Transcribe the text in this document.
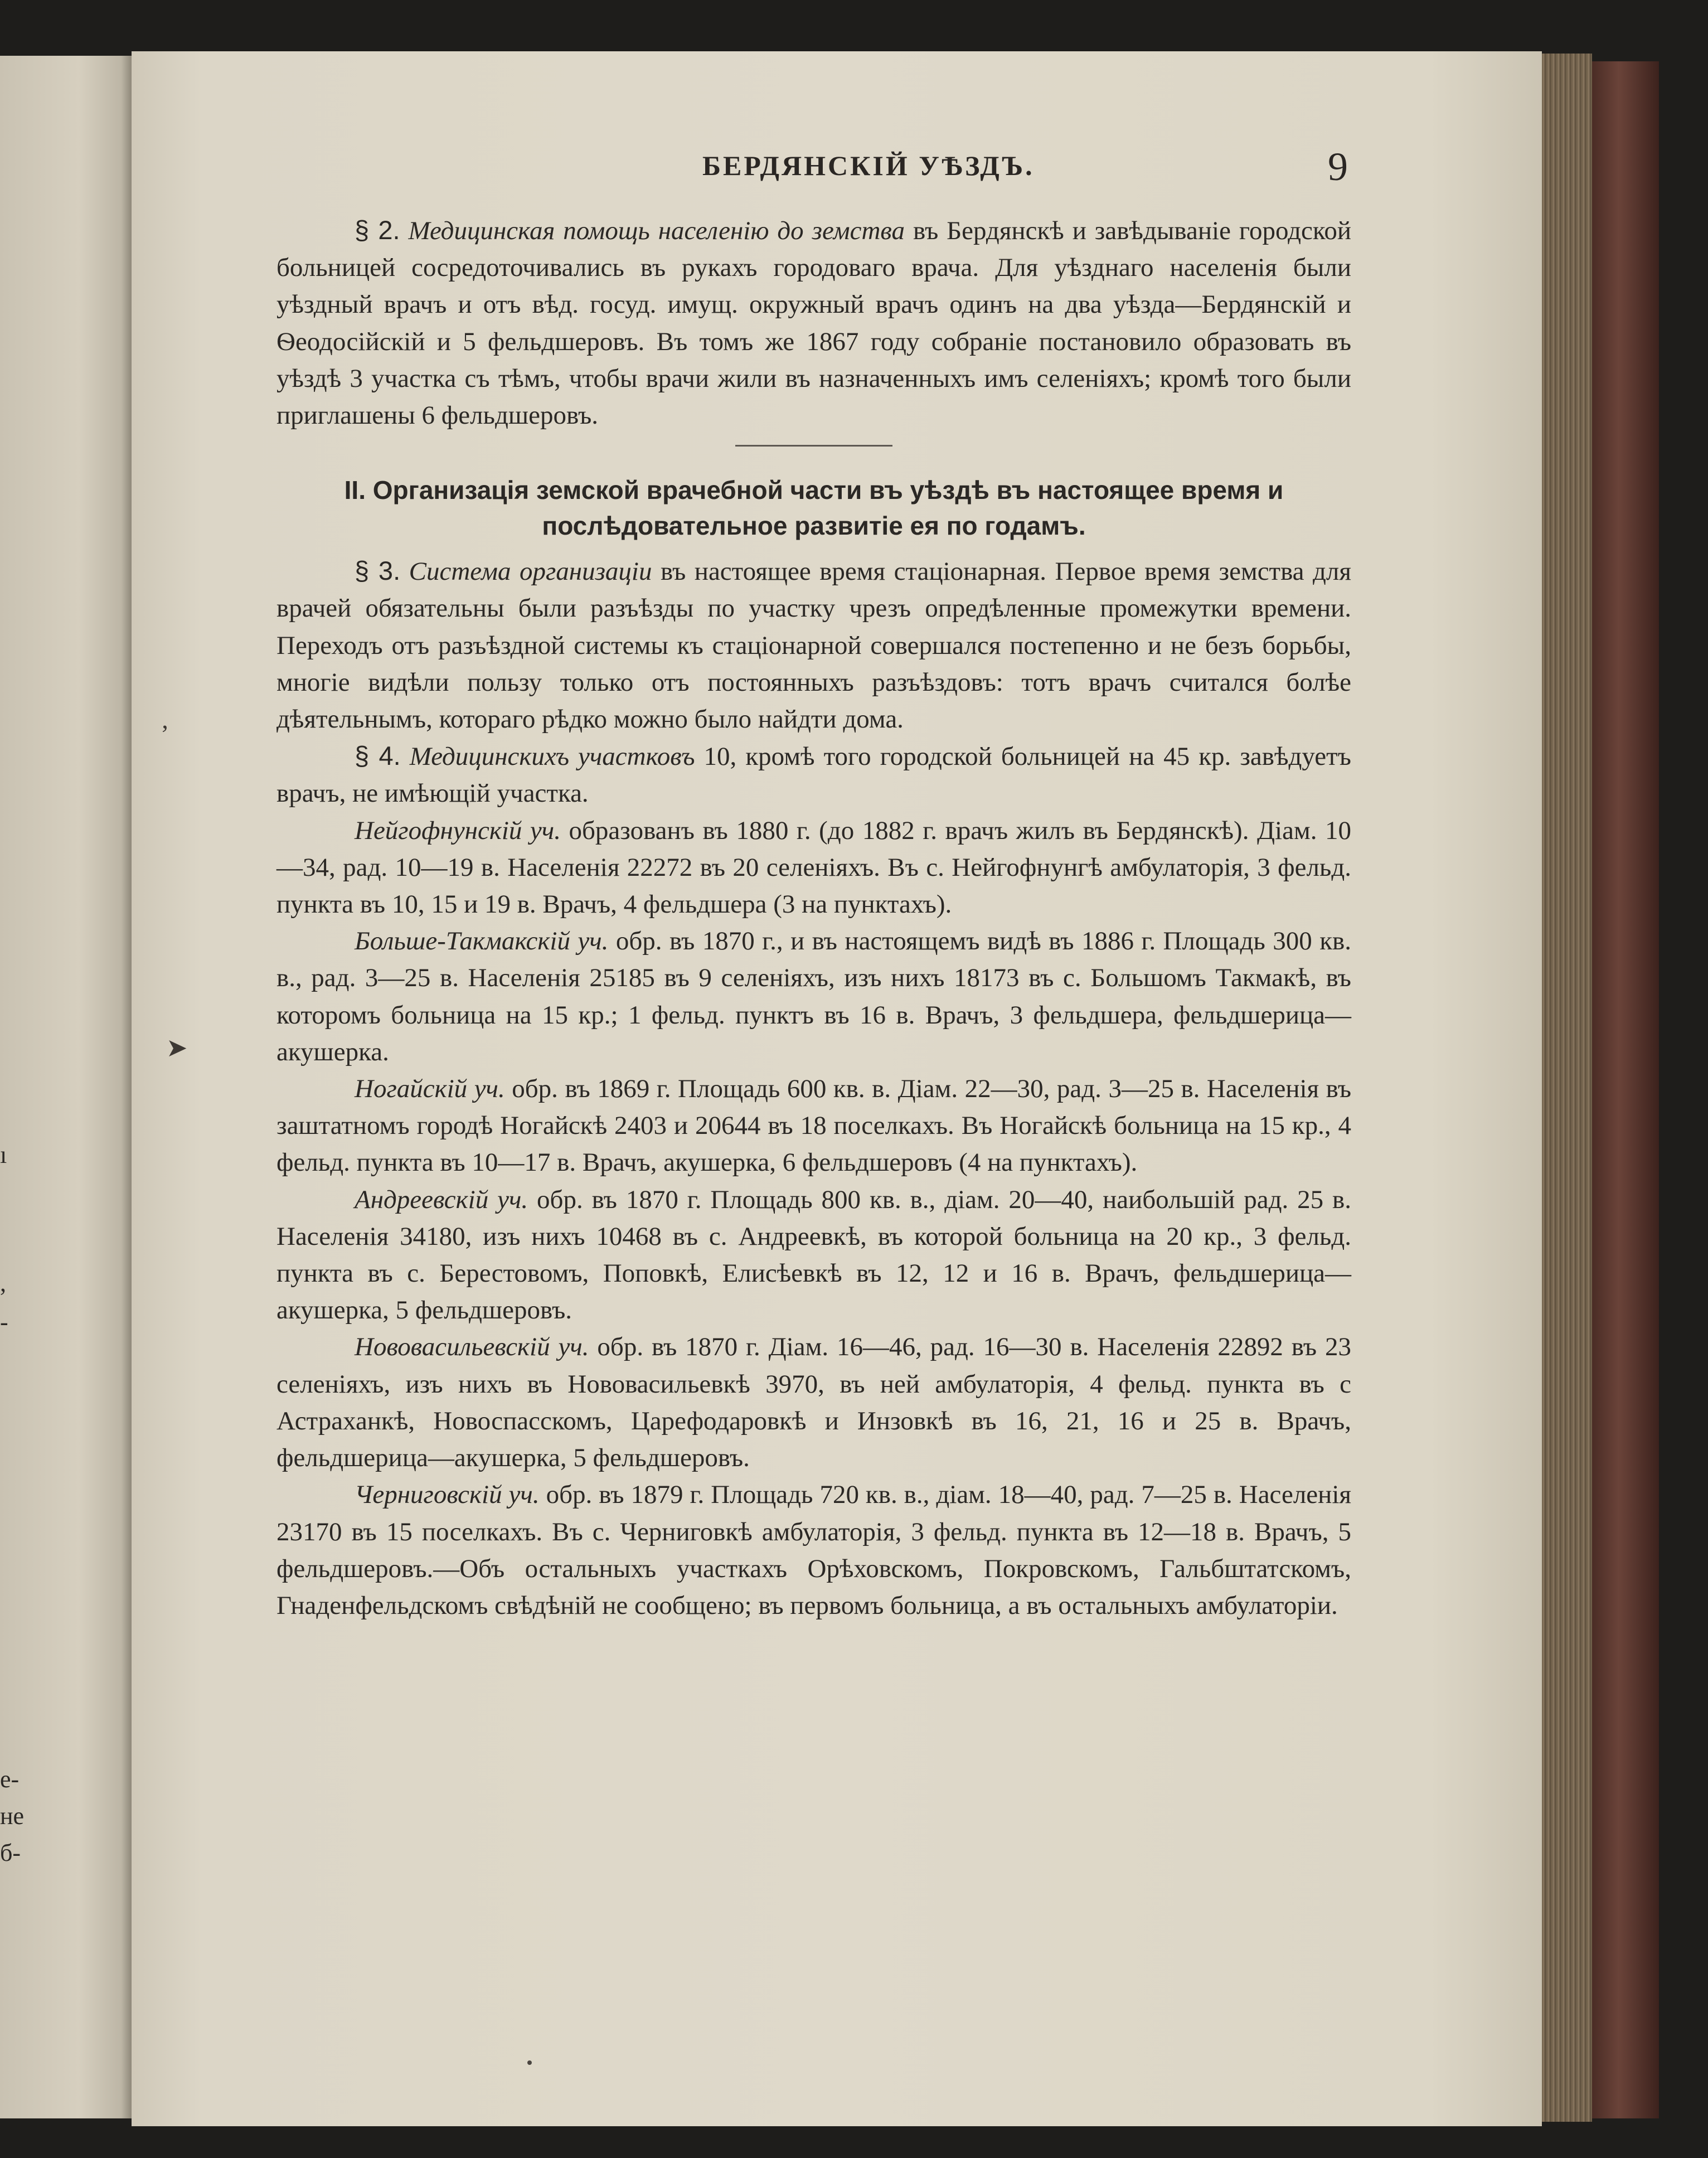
ı
,
-
е-
не
б-
БЕРДЯНСКІЙ УѢЗДЪ.	9
ʼ
➤

§ 2. Медицинская помощь населенію до земства въ Бердянскѣ и завѣдываніе городской больницей сосредоточивались въ рукахъ городоваго врача. Для уѣзднаго населенія были уѣздный врачъ и отъ вѣд. госуд. имущ. окружный врачъ одинъ на два уѣзда—Бердянскій и Ѳеодосійскій и 5 фельдшеровъ. Въ томъ же 1867 году собраніе постановило образовать въ уѣздѣ 3 участка съ тѣмъ, чтобы врачи жили въ назначенныхъ имъ селеніяхъ; кромѣ того были приглашены 6 фельдшеровъ.

II. Организація земской врачебной части въ уѣздѣ въ настоящее время и
послѣдовательное развитіе ея по годамъ.

§ 3. Система организаціи въ настоящее время стаціонарная. Первое время земства для врачей обязательны были разъѣзды по участку чрезъ опредѣленные промежутки времени. Переходъ отъ разъѣздной системы къ стаціонарной совершался постепенно и не безъ борьбы, многіе видѣли пользу только отъ постоянныхъ разъѣздовъ: тотъ врачъ считался болѣе дѣятельнымъ, котораго рѣдко можно было найдти дома.

§ 4. Медицинскихъ участковъ 10, кромѣ того городской больницей на 45 кр. завѣдуетъ врачъ, не имѣющій участка.

Нейгофнунскій уч. образованъ въ 1880 г. (до 1882 г. врачъ жилъ въ Бердянскѣ). Діам. 10—34, рад. 10—19 в. Населенія 22272 въ 20 селеніяхъ. Въ с. Нейгофнунгѣ амбулаторія, 3 фельд. пункта въ 10, 15 и 19 в. Врачъ, 4 фельдшера (3 на пунктахъ).

Больше-Такмакскій уч. обр. въ 1870 г., и въ настоящемъ видѣ въ 1886 г. Площадь 300 кв. в., рад. 3—25 в. Населенія 25185 въ 9 селеніяхъ, изъ нихъ 18173 въ с. Большомъ Такмакѣ, въ которомъ больница на 15 кр.; 1 фельд. пунктъ въ 16 в. Врачъ, 3 фельдшера, фельдшерица—акушерка.

Ногайскій уч. обр. въ 1869 г. Площадь 600 кв. в. Діам. 22—30, рад. 3—25 в. Населенія въ заштатномъ городѣ Ногайскѣ 2403 и 20644 въ 18 поселкахъ. Въ Ногайскѣ больница на 15 кр., 4 фельд. пункта въ 10—17 в. Врачъ, акушерка, 6 фельдшеровъ (4 на пунктахъ).

Андреевскій уч. обр. въ 1870 г. Площадь 800 кв. в., діам. 20—40, наибольшій рад. 25 в. Населенія 34180, изъ нихъ 10468 въ с. Андреевкѣ, въ которой больница на 20 кр., 3 фельд. пункта въ с. Берестовомъ, Поповкѣ, Елисѣевкѣ въ 12, 12 и 16 в. Врачъ, фельдшерица—акушерка, 5 фельдшеровъ.

Нововасильевскій уч. обр. въ 1870 г. Діам. 16—46, рад. 16—30 в. Населенія 22892 въ 23 селеніяхъ, изъ нихъ въ Нововасильевкѣ 3970, въ ней амбулаторія, 4 фельд. пункта въ с Астраханкѣ, Новоспасскомъ, Царефодаровкѣ и Инзовкѣ въ 16, 21, 16 и 25 в. Врачъ, фельдшерица—акушерка, 5 фельдшеровъ.

Черниговскій уч. обр. въ 1879 г. Площадь 720 кв. в., діам. 18—40, рад. 7—25 в. Населенія 23170 въ 15 поселкахъ. Въ с. Черниговкѣ амбулаторія, 3 фельд. пункта въ 12—18 в. Врачъ, 5 фельдшеровъ.—Объ остальныхъ участкахъ Орѣховскомъ, Покровскомъ, Гальбштатскомъ, Гнаденфельдскомъ свѣдѣній не сообщено; въ первомъ больница, а въ остальныхъ амбулаторіи.
